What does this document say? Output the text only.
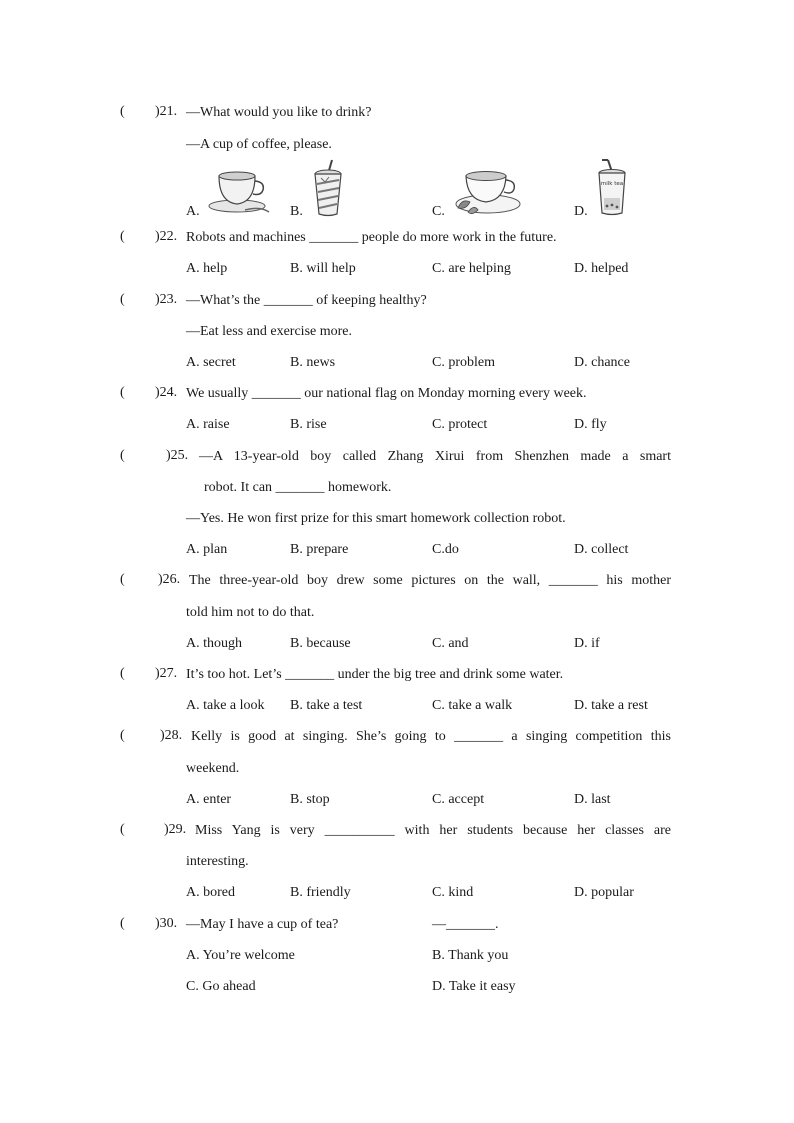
( )21. —What would you like to drink?
—A cup of coffee, please.
A.	B.	C.	D.
milk tea
( )22. Robots and machines _______ people do more work in the future.
A. help	B. will help	C. are helping	D. helped
( )23. —What’s the _______ of keeping healthy?
—Eat less and exercise more.
A. secret	B. news	C. problem	D. chance
( )24. We usually _______ our national flag on Monday morning every week.
A. raise	B. rise	C. protect	D. fly
(	)25. —A 13-year-old boy called Zhang Xirui from Shenzhen made a smart
robot. It can _______ homework.
—Yes. He won first prize for this smart homework collection robot.
A. plan	B. prepare	C.do	D. collect
( )26. The three-year-old boy drew some pictures on the wall, _______ his mother
told him not to do that.
A. though	B. because	C. and	D. if
( )27. It’s too hot. Let’s _______ under the big tree and drink some water.
A. take a look B. take a test	C. take a walk	D. take a rest
(	)28. Kelly is good at singing. She’s going to _______ a singing competition this
weekend.
A. enter	B. stop	C. accept	D. last
(	)29. Miss Yang is very __________ with her students because her classes are
interesting.
A. bored	B. friendly	C. kind	D. popular
( )30. —May I have a cup of tea?	—_______.
A. You’re welcome	B. Thank you
C. Go ahead	D. Take it easy
